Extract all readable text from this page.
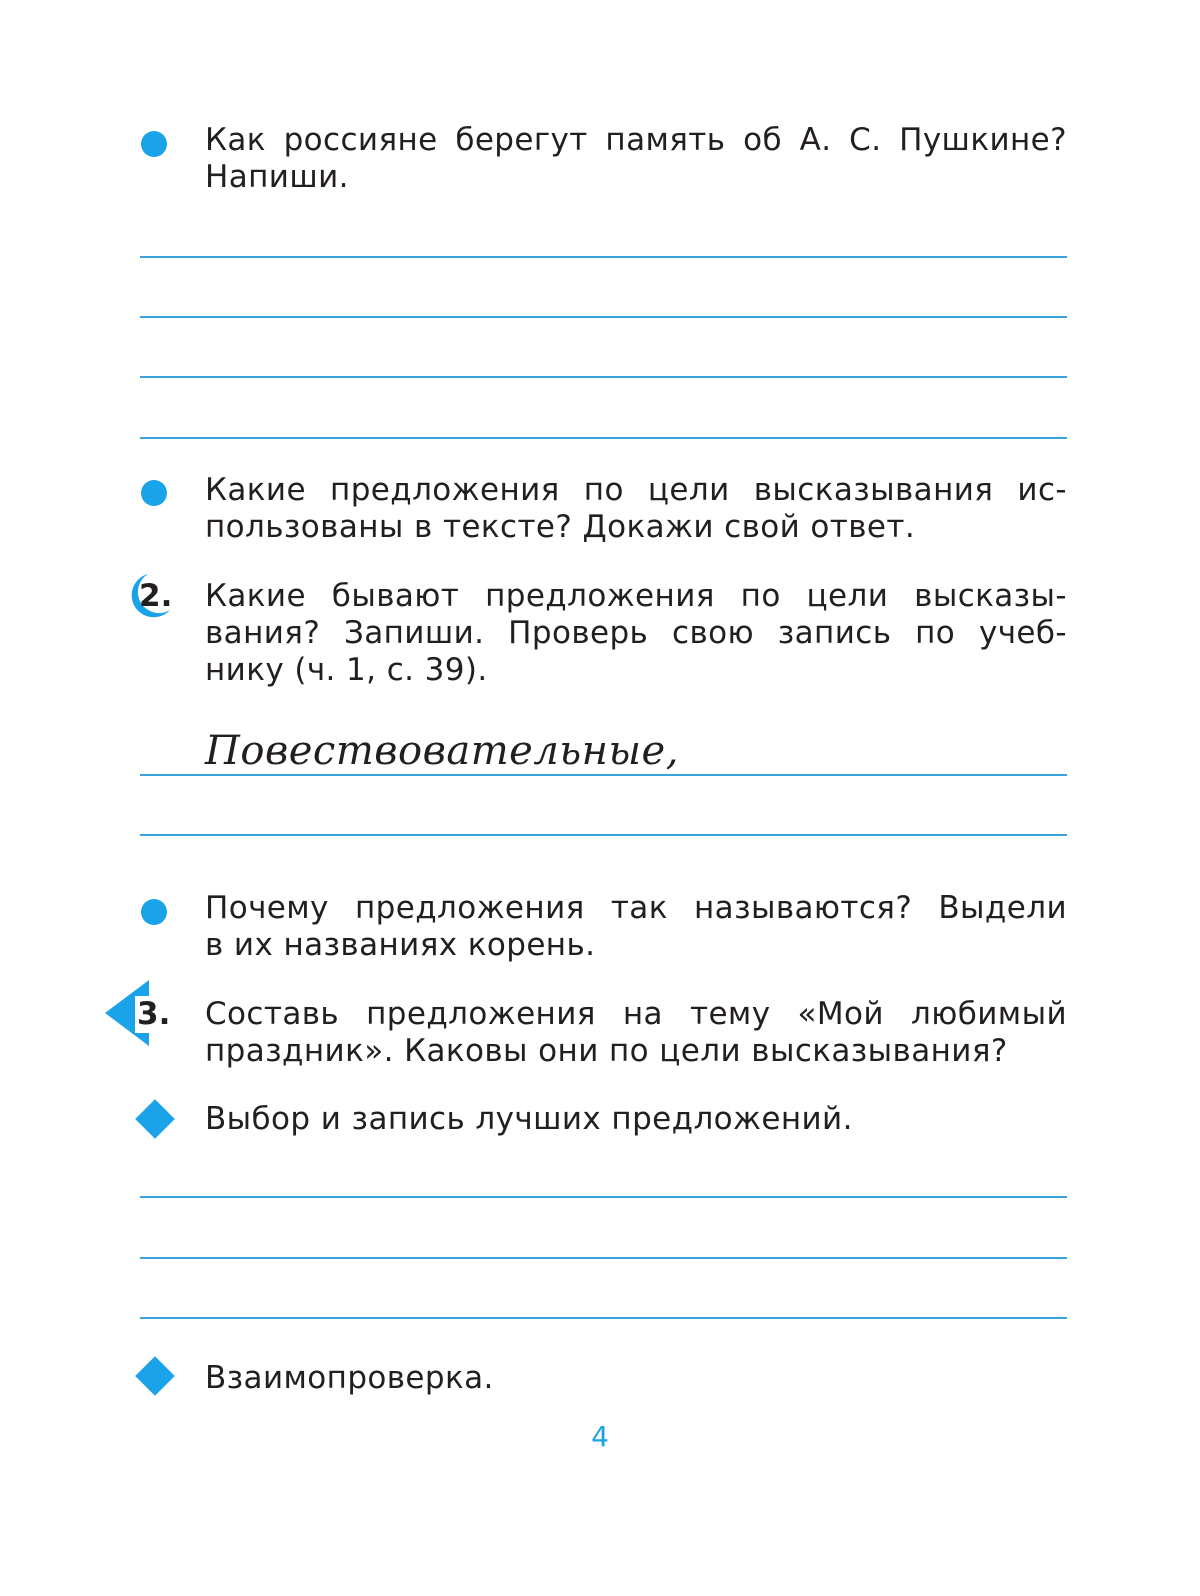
Как россияне берегут память об А. С. Пушкине?
Напиши.
Какие предложения по цели высказывания ис-
пользованы в тексте? Докажи свой ответ.
2. Какие бывают предложения по цели высказы-
вания? Запиши. Проверь свою запись по учеб-
нику (ч. 1, с. 39).
Повествовательные,
Почему предложения так называются? Выдели
в их названиях корень.
3. Составь предложения на тему «Мой любимый
праздник». Каковы они по цели высказывания?
Выбор и запись лучших предложений.
Взаимопроверка.
4
